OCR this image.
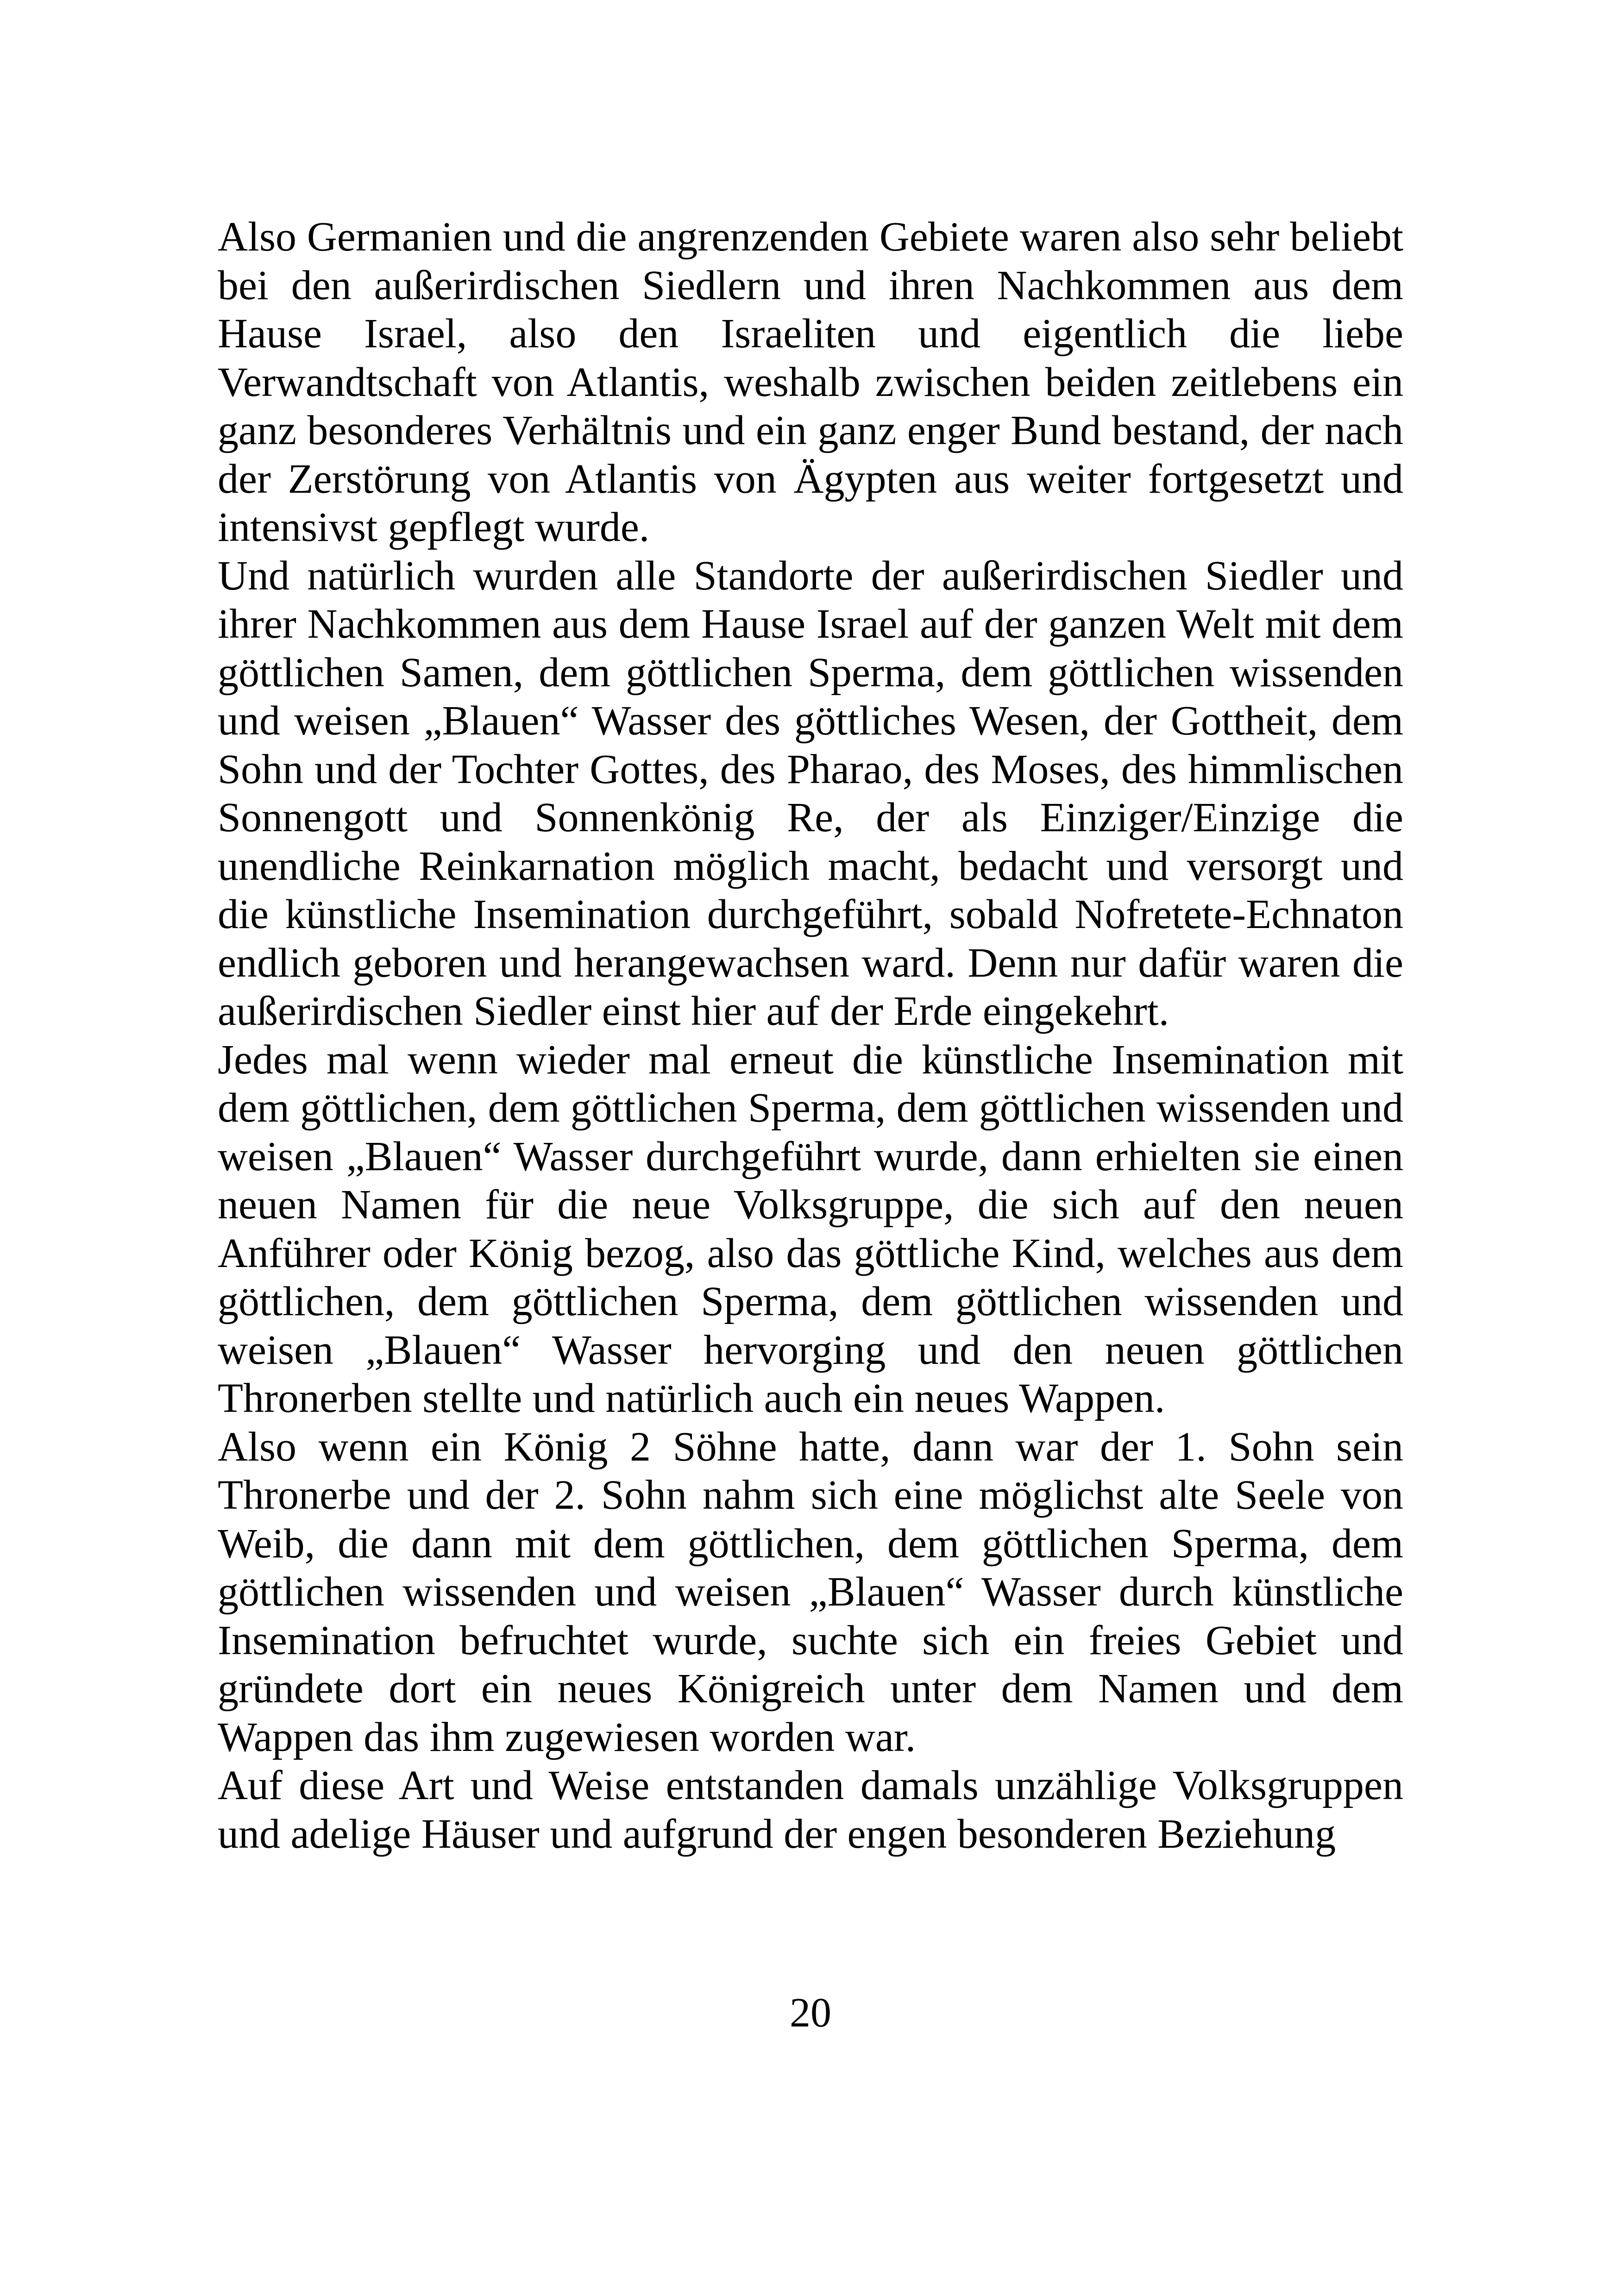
Also Germanien und die angrenzenden Gebiete waren also sehr beliebt bei den außerirdischen Siedlern und ihren Nachkommen aus dem Hause Israel, also den Israeliten und eigentlich die liebe Verwandtschaft von Atlantis, weshalb zwischen beiden zeitlebens ein ganz besonderes Verhältnis und ein ganz enger Bund bestand, der nach der Zerstörung von Atlantis von Ägypten aus weiter fortgesetzt und intensivst gepflegt wurde.

Und natürlich wurden alle Standorte der außerirdischen Siedler und ihrer Nachkommen aus dem Hause Israel auf der ganzen Welt mit dem göttlichen Samen, dem göttlichen Sperma, dem göttlichen wissenden und weisen „Blauen“ Wasser des göttliches Wesen, der Gottheit, dem Sohn und der Tochter Gottes, des Pharao, des Moses, des himmlischen Sonnengott und Sonnenkönig Re, der als Einziger/Einzige die unendliche Reinkarnation möglich macht, bedacht und versorgt und die künstliche Insemination durchgeführt, sobald Nofretete-Echnaton endlich geboren und herangewachsen ward. Denn nur dafür waren die außerirdischen Siedler einst hier auf der Erde eingekehrt.

Jedes mal wenn wieder mal erneut die künstliche Insemination mit dem göttlichen, dem göttlichen Sperma, dem göttlichen wissenden und weisen „Blauen“ Wasser durchgeführt wurde, dann erhielten sie einen neuen Namen für die neue Volksgruppe, die sich auf den neuen Anführer oder König bezog, also das göttliche Kind, welches aus dem göttlichen, dem göttlichen Sperma, dem göttlichen wissenden und weisen „Blauen“ Wasser hervorging und den neuen göttlichen Thronerben stellte und natürlich auch ein neues Wappen.

Also wenn ein König 2 Söhne hatte, dann war der 1. Sohn sein Thronerbe und der 2. Sohn nahm sich eine möglichst alte Seele von Weib, die dann mit dem göttlichen, dem göttlichen Sperma, dem göttlichen wissenden und weisen „Blauen“ Wasser durch künstliche Insemination befruchtet wurde, suchte sich ein freies Gebiet und gründete dort ein neues Königreich unter dem Namen und dem Wappen das ihm zugewiesen worden war.

Auf diese Art und Weise entstanden damals unzählige Volksgruppen und adelige Häuser und aufgrund der engen besonderen Beziehung

20
